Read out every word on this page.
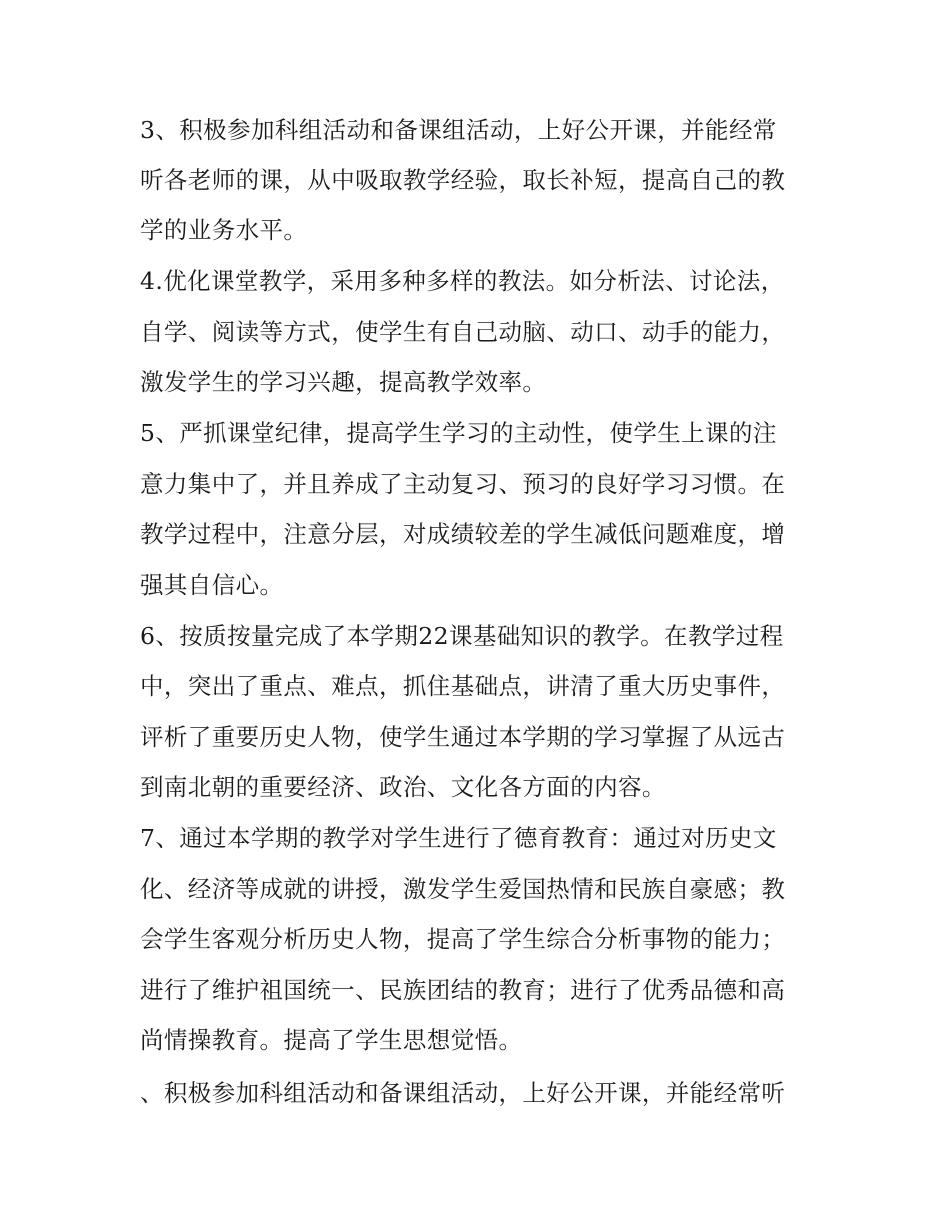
3、积极参加科组活动和备课组活动，上好公开课，并能经常

听各老师的课，从中吸取教学经验，取长补短，提高自己的教

学的业务水平。

4.优化课堂教学，采用多种多样的教法。如分析法、讨论法，

自学、阅读等方式，使学生有自己动脑、动口、动手的能力，

激发学生的学习兴趣，提高教学效率。

5、严抓课堂纪律，提高学生学习的主动性，使学生上课的注

意力集中了，并且养成了主动复习、预习的良好学习习惯。在

教学过程中，注意分层，对成绩较差的学生减低问题难度，增

强其自信心。

6、按质按量完成了本学期22课基础知识的教学。在教学过程

中，突出了重点、难点，抓住基础点，讲清了重大历史事件，

评析了重要历史人物，使学生通过本学期的学习掌握了从远古

到南北朝的重要经济、政治、文化各方面的内容。

7、通过本学期的教学对学生进行了德育教育：通过对历史文

化、经济等成就的讲授，激发学生爱国热情和民族自豪感；教

会学生客观分析历史人物，提高了学生综合分析事物的能力；

进行了维护祖国统一、民族团结的教育；进行了优秀品德和高

尚情操教育。提高了学生思想觉悟。

、积极参加科组活动和备课组活动，上好公开课，并能经常听
